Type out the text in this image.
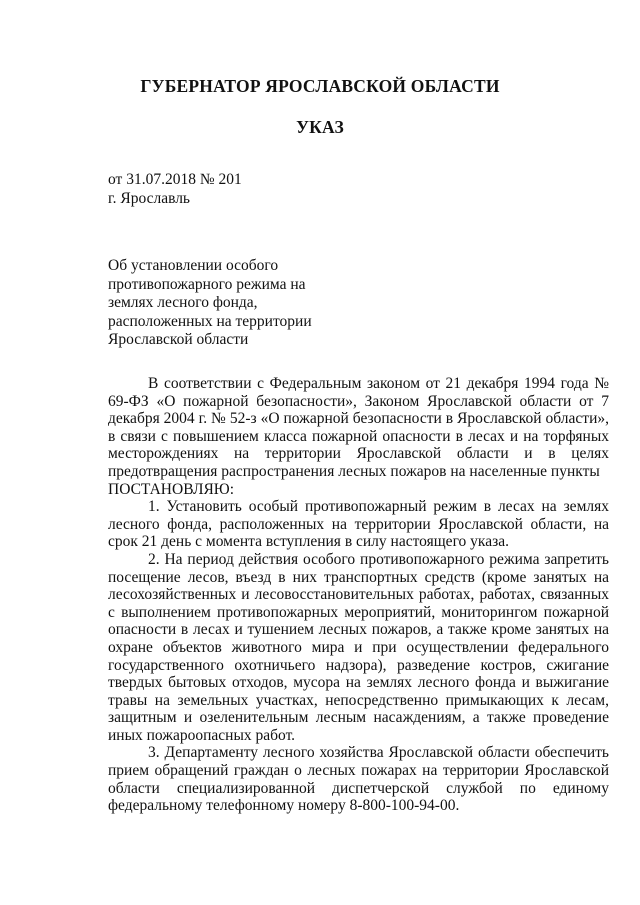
ГУБЕРНАТОР ЯРОСЛАВСКОЙ ОБЛАСТИ
УКАЗ

от 31.07.2018 № 201

г. Ярославль

Об установлении особого
противопожарного режима на
землях лесного фонда,
расположенных на территории
Ярославской области

В соответствии с Федеральным законом от 21 декабря 1994 года № 69-ФЗ «О пожарной безопасности», Законом Ярославской области от 7 декабря 2004 г. № 52-з «О пожарной безопасности в Ярославской области», в связи с повышением класса пожарной опасности в лесах и на торфяных месторождениях на территории Ярославской области и в целях предотвращения распространения лесных пожаров на населенные пункты

ПОСТАНОВЛЯЮ:

1. Установить особый противопожарный режим в лесах на землях лесного фонда, расположенных на территории Ярославской области, на срок 21 день с момента вступления в силу настоящего указа.

2. На период действия особого противопожарного режима запретить посещение лесов, въезд в них транспортных средств (кроме занятых на лесохозяйственных и лесовосстановительных работах, работах, связанных с выполнением противопожарных мероприятий, мониторингом пожарной опасности в лесах и тушением лесных пожаров, а также кроме занятых на охране объектов животного мира и при осуществлении федерального государственного охотничьего надзора), разведение костров, сжигание твердых бытовых отходов, мусора на землях лесного фонда и выжигание травы на земельных участках, непосредственно примыкающих к лесам, защитным и озеленительным лесным насаждениям, а также проведение иных пожароопасных работ.

3. Департаменту лесного хозяйства Ярославской области обеспечить прием обращений граждан о лесных пожарах на территории Ярославской области специализированной диспетчерской службой по единому федеральному телефонному номеру 8-800-100-94-00.
